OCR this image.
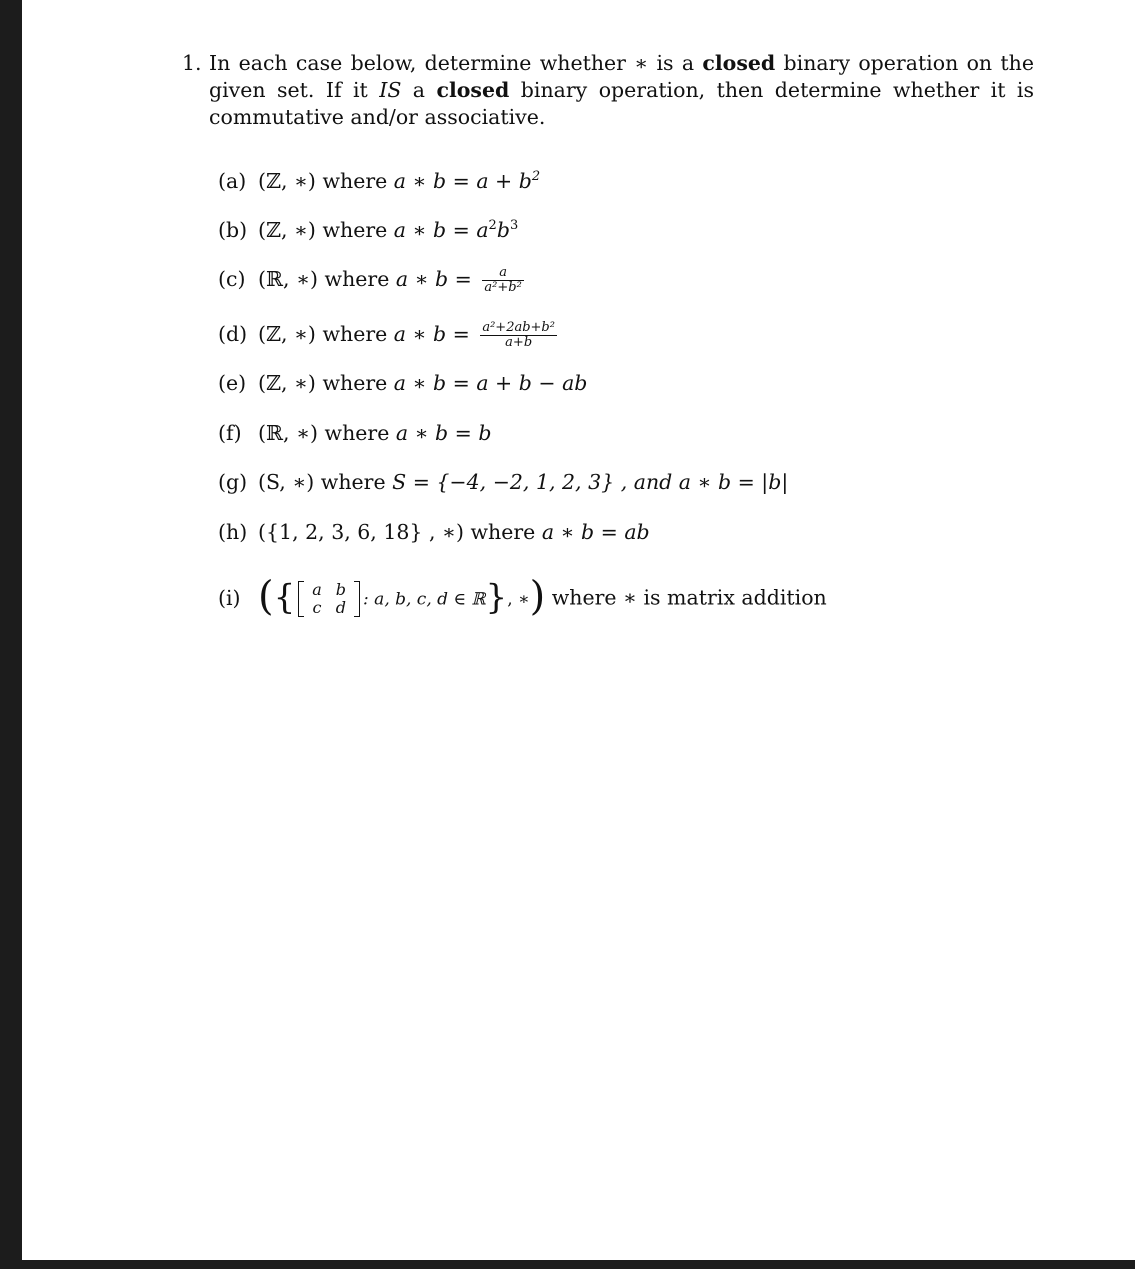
1. In each case below, determine whether ∗ is a closed binary operation on the given set. If it IS a closed binary operation, then determine whether it is commutative and/or associative.
(a) (ℤ, ∗) where a ∗ $b = a + b^2$
(b) (ℤ, ∗) where a ∗ $b = a^2b^3$
(c) (ℝ, ∗) where a ∗ $b = \frac{a}{\text{a²+b²}}$
(d) (ℤ, ∗) where a ∗ $b = \frac{\text{a²+2ab+b²}}{a+b}$
(e) (ℤ, ∗) where a ∗ b = a + b − ab
(f) (ℝ, ∗) where a ∗ b = b
(g) (S, ∗) where S = {−4, −2, 1, 2, 3} , and a ∗ b = |b|
(h) ({1, 2, 3, 6, 18} , ∗) where a ∗ b = ab
(i) ({ a	b
c	d : a, b, c, d ∈ ℝ}, ∗) where ∗ is matrix addition
